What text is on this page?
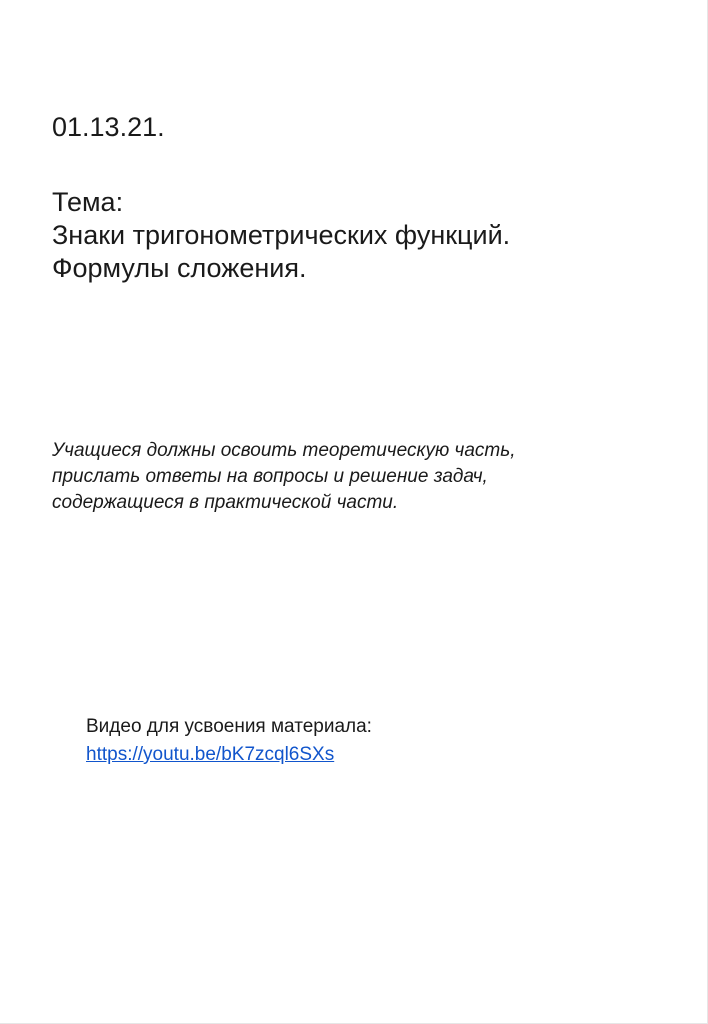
01.13.21.

Тема:
Знаки тригонометрических функций.
Формулы сложения.
Учащиеся должны освоить теоретическую часть,
прислать ответы на вопросы и решение задач,
содержащиеся в практической части.
Видео для усвоения материала:
https://youtu.be/bK7zcql6SXs
